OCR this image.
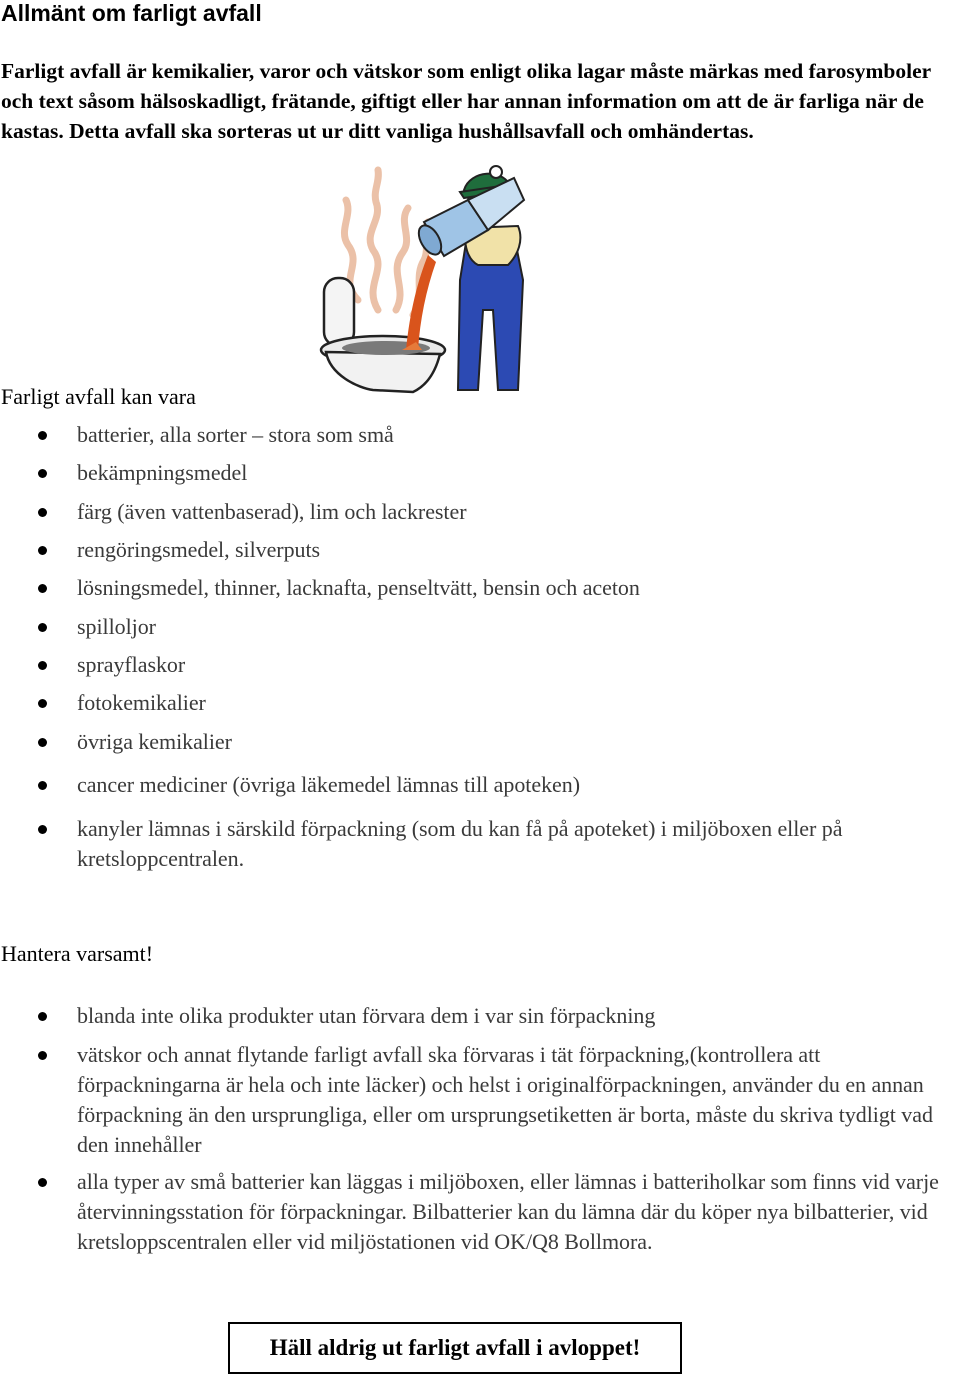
Allmänt om farligt avfall

Farligt avfall är kemikalier, varor och vätskor som enligt olika lagar måste märkas med farosymboler och text såsom hälsoskadligt, frätande, giftigt eller har annan information om att de är farliga när de kastas. Detta avfall ska sorteras ut ur ditt vanliga hushållsavfall och omhändertas.

Farligt avfall kan vara
batterier, alla sorter – stora som små
bekämpningsmedel
färg (även vattenbaserad), lim och lackrester
rengöringsmedel, silverputs
lösningsmedel, thinner, lacknafta, penseltvätt, bensin och aceton
spilloljor
sprayflaskor
fotokemikalier
övriga kemikalier
cancer mediciner (övriga läkemedel lämnas till apoteken)
kanyler lämnas i särskild förpackning (som du kan få på apoteket) i miljöboxen eller på kretsloppcentralen.
Hantera varsamt!
blanda inte olika produkter utan förvara dem i var sin förpackning
vätskor och annat flytande farligt avfall ska förvaras i tät förpackning,(kontrollera att förpackningarna är hela och inte läcker) och helst i originalförpackningen, använder du en annan förpackning än den ursprungliga, eller om ursprungsetiketten är borta, måste du skriva tydligt vad den innehåller
alla typer av små batterier kan läggas i miljöboxen, eller lämnas i batteriholkar som finns vid varje återvinningsstation för förpackningar. Bilbatterier kan du lämna där du köper nya bilbatterier, vid kretsloppscentralen eller vid miljöstationen vid OK/Q8 Bollmora.
Häll aldrig ut farligt avfall i avloppet!
